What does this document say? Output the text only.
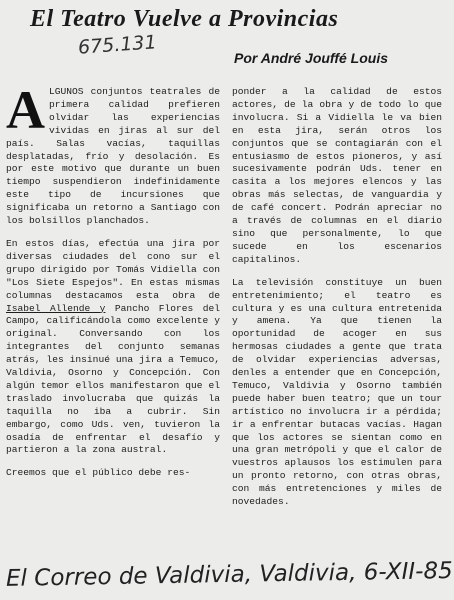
El Teatro Vuelve a Provincias
675.131	Por André Jouffé Louis

ALGUNOS conjuntos teatrales de primera calidad prefieren olvidar las experiencias vividas en jiras al sur del país. Salas vacías, taquillas desplatadas, frío y desolación. Es por este motivo que durante un buen tiempo suspendieron indefinidamente este tipo de incursiones que significaba un retorno a Santiago con los bolsillos planchados.

En estos días, efectúa una jira por diversas ciudades del cono sur el grupo dirigido por Tomás Vidiella con "Los Siete Espejos". En estas mismas columnas destacamos esta obra de Isabel Allende y Pancho Flores del Campo, calificándola como excelente y original. Conversando con los integrantes del conjunto semanas atrás, les insinué una jira a Temuco, Valdivia, Osorno y Concepción. Con algún temor ellos manifestaron que el traslado involucraba que quizás la taquilla no iba a cubrir. Sin embargo, como Uds. ven, tuvieron la osadía de enfrentar el desafío y partieron a la zona austral.

Creemos que el público debe res-

ponder a la calidad de estos actores, de la obra y de todo lo que involucra. Si a Vidiella le va bien en esta jira, serán otros los conjuntos que se contagiarán con el entusiasmo de estos pioneros, y así sucesivamente podrán Uds. tener en casita a los mejores elencos y las obras más selectas, de vanguardia y de café concert. Podrán apreciar no a través de columnas en el diario sino que personalmente, lo que sucede en los escenarios capitalinos.

La televisión constituye un buen entretenimiento; el teatro es cultura y es una cultura entretenida y amena. Ya que tienen la oportunidad de acoger en sus hermosas ciudades a gente que trata de olvidar experiencias adversas, denles a entender que en Concepción, Temuco, Valdivia y Osorno también puede haber buen teatro; que un tour artístico no involucra ir a pérdida; ir a enfrentar butacas vacías. Hagan que los actores se sientan como en una gran metrópoli y que el calor de vuestros aplausos los estimulen para un pronto retorno, con otras obras, con más entretenciones y miles de novedades.

El Correo de Valdivia, Valdivia, 6-XII-85
